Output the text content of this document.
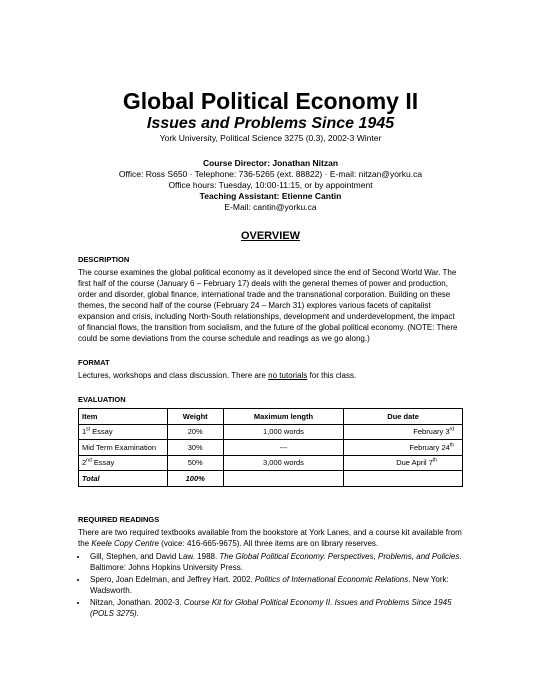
Global Political Economy II
Issues and Problems Since 1945
York University, Political Science 3275 (0.3), 2002-3 Winter
Course Director: Jonathan Nitzan
Office: Ross S650 · Telephone: 736-5265 (ext. 88822) · E-mail: nitzan@yorku.ca
Office hours: Tuesday, 10:00-11:15, or by appointment
Teaching Assistant: Etienne Cantin
E-Mail: cantin@yorku.ca
OVERVIEW
DESCRIPTION

The course examines the global political economy as it developed since the end of Second World War. The first half of the course (January 6 – February 17) deals with the general themes of power and production, order and disorder, global finance, international trade and the transnational corporation. Building on these themes, the second half of the course (February 24 – March 31) explores various facets of capitalist expansion and crisis, including North-South relationships, development and underdevelopment, the impact of financial flows, the transition from socialism, and the future of the global political economy. (NOTE: There could be some deviations from the course schedule and readings as we go along.)

FORMAT

Lectures, workshops and class discussion. There are no tutorials for this class.

EVALUATION
Item	Weight	Maximum length	Due date
1st Essay	20%	1,000 words	February 3rd
Mid Term Examination	30%	---	February 24th
2nd Essay	50%	3,000 words	Due April 7th
Total	100%		
REQUIRED READINGS

There are two required textbooks available from the bookstore at York Lanes, and a course kit available from the Keele Copy Centre (voice: 416-665-9675). All three items are on library reserves.

• Gill, Stephen, and David Law. 1988. The Global Political Economy. Perspectives, Problems, and Policies. Baltimore: Johns Hopkins University Press.
• Spero, Joan Edelman, and Jeffrey Hart. 2002. Politics of International Economic Relations. New York: Wadsworth.
• Nitzan, Jonathan. 2002-3. Course Kit for Global Political Economy II. Issues and Problems Since 1945 (POLS 3275).
